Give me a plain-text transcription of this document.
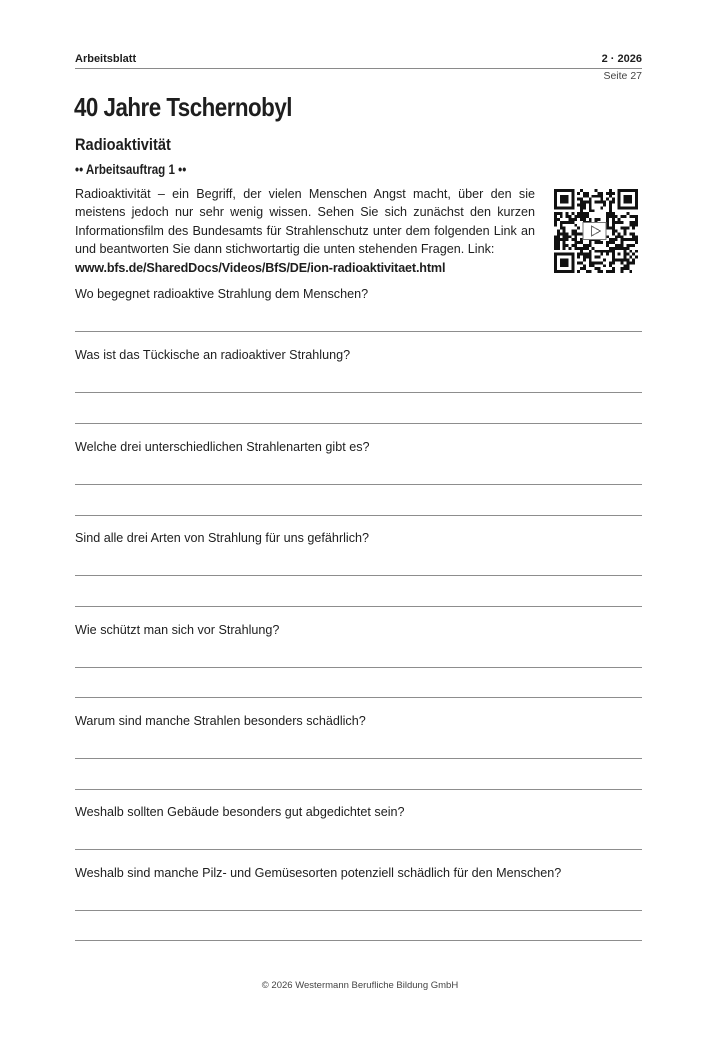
Arbeitsblatt	2 · 2026
Seite 27
40 Jahre Tschernobyl
Radioaktivität
•• Arbeitsauftrag 1 ••
Radioaktivität – ein Begriff, der vielen Menschen Angst macht, über den sie meistens jedoch nur sehr wenig wissen. Sehen Sie sich zunächst den kurzen Informationsfilm des Bundesamts für Strahlenschutz unter dem folgenden Link an und beantworten Sie dann stichwortartig die unten stehenden Fragen. Link:
www.bfs.de/SharedDocs/Videos/BfS/DE/ion-radioaktivitaet.html
Wo begegnet radioaktive Strahlung dem Menschen?
Was ist das Tückische an radioaktiver Strahlung?
Welche drei unterschiedlichen Strahlenarten gibt es?
Sind alle drei Arten von Strahlung für uns gefährlich?
Wie schützt man sich vor Strahlung?
Warum sind manche Strahlen besonders schädlich?
Weshalb sollten Gebäude besonders gut abgedichtet sein?
Weshalb sind manche Pilz- und Gemüsesorten potenziell schädlich für den Menschen?
© 2026 Westermann Berufliche Bildung GmbH
